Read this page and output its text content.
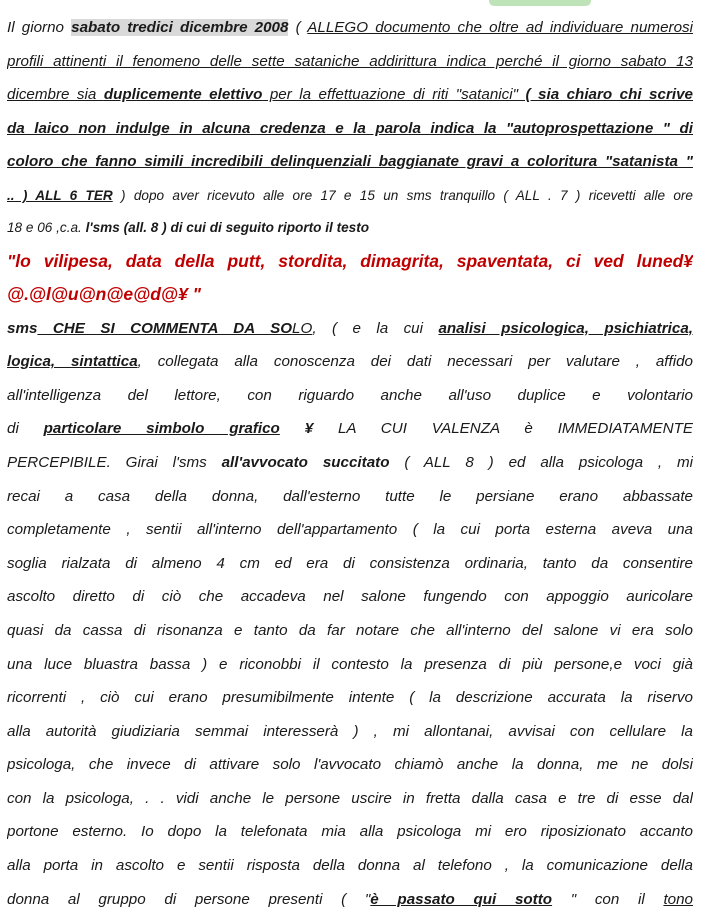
Il giorno sabato tredici dicembre 2008 ( ALLEGO documento che oltre ad individuare numerosi
profili attinenti il fenomeno delle sette sataniche addirittura indica perché il giorno sabato 13
dicembre sia duplicemente elettivo per la effettuazione di riti "satanici" ( sia chiaro chi scrive
da laico non indulge in alcuna credenza e la parola indica la "autoprospettazione " di
coloro che fanno simili incredibili delinquenziali baggianate gravi a coloritura "satanista "
.. ) ALL 6 TER ) dopo aver ricevuto alle ore 17 e 15 un sms tranquillo ( ALL . 7 ) ricevetti alle ore
18 e 06 ,c.a. l'sms (all. 8 ) di cui di seguito riporto il testo
"lo vilipesa, data della putt, stordita, dimagrita, spaventata, ci ved luned¥
@.@l@u@n@e@d@¥ "
sms CHE SI COMMENTA DA SOLO, ( e la cui analisi psicologica, psichiatrica,
logica, sintattica, collegata alla conoscenza dei dati necessari per valutare , affido
all'intelligenza del lettore, con riguardo anche all'uso duplice e volontario
di particolare simbolo grafico ¥ LA CUI VALENZA è IMMEDIATAMENTE
PERCEPIBILE. Girai l'sms all'avvocato succitato ( ALL 8 ) ed alla psicologa , mi
recai a casa della donna, dall'esterno tutte le persiane erano abbassate
completamente , sentii all'interno dell'appartamento ( la cui porta esterna aveva una
soglia rialzata di almeno 4 cm ed era di consistenza ordinaria, tanto da consentire
ascolto diretto di ciò che accadeva nel salone fungendo con appoggio auricolare
quasi da cassa di risonanza e tanto da far notare che all'interno del salone vi era solo
una luce bluastra bassa ) e riconobbi il contesto la presenza di più persone,e voci già
ricorrenti , ciò cui erano presumibilmente intente ( la descrizione accurata la riservo
alla autorità giudiziaria semmai interesserà ) , mi allontanai, avvisai con cellulare la
psicologa, che invece di attivare solo l'avvocato chiamò anche la donna, me ne dolsi
con la psicologa, . . vidi anche le persone uscire in fretta dalla casa e tre di esse dal
portone esterno. Io dopo la telefonata mia alla psicologa mi ero riposizionato accanto
alla porta in ascolto e sentii risposta della donna al telefono , la comunicazione della
donna al gruppo di persone presenti ( "è passato qui sotto " con il tono
